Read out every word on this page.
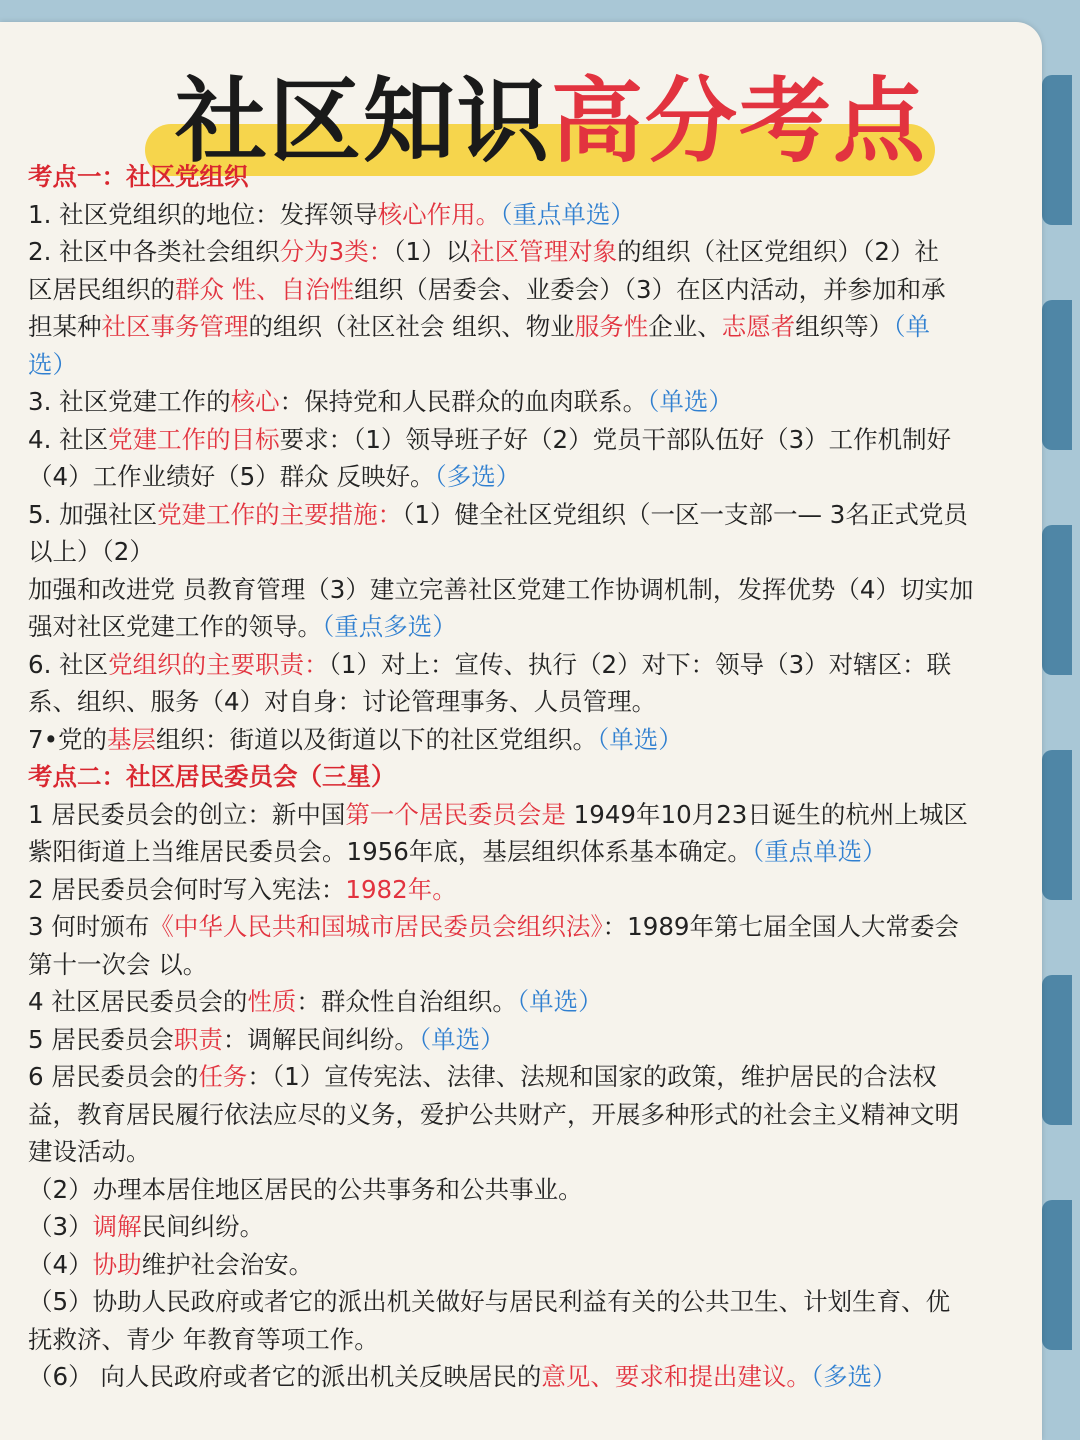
社区知识高分考点
考点一：社区党组织
1. 社区党组织的地位：发挥领导核心作用。（重点单选）
2. 社区中各类社会组织分为3类：（1）以社区管理对象的组织（社区党组织）（2）社
区居民组织的群众 性、自治性组织（居委会、业委会）（3）在区内活动，并参加和承
担某种社区事务管理的组织（社区社会 组织、物业服务性企业、志愿者组织等）（单
选）
3. 社区党建工作的核心：保持党和人民群众的血肉联系。（单选）
4. 社区党建工作的目标要求：（1）领导班子好（2）党员干部队伍好（3）工作机制好
（4）工作业绩好（5）群众 反映好。（多选）
5. 加强社区党建工作的主要措施：（1）健全社区党组织（一区一支部一— 3名正式党员
以上）（2）
加强和改进党 员教育管理（3）建立完善社区党建工作协调机制，发挥优势（4）切实加
强对社区党建工作的领导。（重点多选）
6. 社区党组织的主要职责：（1）对上：宣传、执行（2）对下：领导（3）对辖区：联
系、组织、服务（4）对自身：讨论管理事务、人员管理。
7•党的基层组织：街道以及街道以下的社区党组织。（单选）
考点二：社区居民委员会（三星）
1 居民委员会的创立：新中国第一个居民委员会是 1949年10月23日诞生的杭州上城区
紫阳街道上当维居民委员会。1956年底，基层组织体系基本确定。（重点单选）
2 居民委员会何时写入宪法：1982年。
3 何时颁布《中华人民共和国城市居民委员会组织法》：1989年第七届全国人大常委会
第十一次会 以。
4 社区居民委员会的性质：群众性自治组织。（单选）
5 居民委员会职责：调解民间纠纷。（单选）
6 居民委员会的任务：（1）宣传宪法、法律、法规和国家的政策，维护居民的合法权
益，教育居民履行依法应尽的义务，爱护公共财产，开展多种形式的社会主义精神文明
建设活动。
（2）办理本居住地区居民的公共事务和公共事业。
（3）调解民间纠纷。
（4）协助维护社会治安。
（5）协助人民政府或者它的派出机关做好与居民利益有关的公共卫生、计划生育、优
抚救济、青少 年教育等项工作。
（6） 向人民政府或者它的派出机关反映居民的意见、要求和提出建议。（多选）
